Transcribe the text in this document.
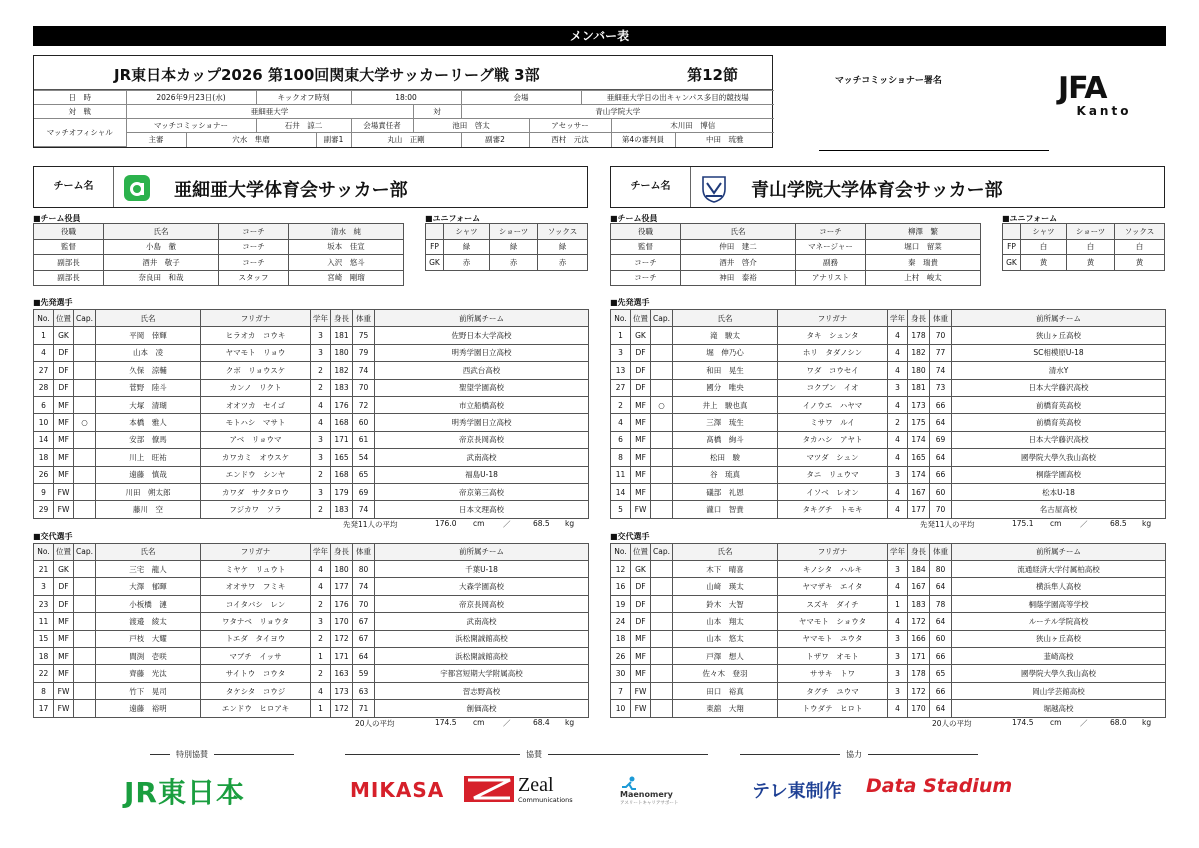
メンバー表
JR東日本カップ2026 第100回関東大学サッカーリーグ戦 3部	第12節
日　時	2026年9月23日(水)		キックオフ時刻		18:00		会場		亜細亜大学日の出キャンパス多目的競技場		
対　戦	亜細亜大学					対	青山学院大学				
マッチオフィシャル	マッチコミッショナー		石井　諒二		会場責任者	池田　啓太		アセッサー		木川田　博信	
	主審	穴水　隼磨		副審1	丸山　正剛		副審2	西村　元汰		第4の審判員	中田　琉雅
マッチコミッショナー署名	JFA
Kanto
チーム名	亜細亜大学体育会サッカー部
■チーム役員	■ユニフォーム
役職	氏名	コーチ	清水　純
監督	小島　徹	コーチ	坂本　佳宣
副部長	酒井　敬子	コーチ	入沢　悠斗
副部長	奈良田　和哉	スタッフ	宮崎　剛瑠
	シャツ	ショーツ	ソックス
FP	緑	緑	緑
GK	赤	赤	赤
■先発選手
No.	位置	Cap.	氏名	フリガナ	学年	身長	体重	前所属チーム
1	GK		平岡　倖輝	ヒラオカ　コウキ	3	181	75	佐野日本大学高校
4	DF		山本　凌	ヤマモト　リョウ	3	180	79	明秀学園日立高校
27	DF		久保　涼輔	クボ　リョウスケ	2	182	74	西武台高校
28	DF		菅野　陸斗	カンノ　リクト	2	183	70	聖望学園高校
6	MF		大塚　清瑚	オオツカ　セイゴ	4	176	72	市立船橋高校
10	MF	○	本橋　雅人	モトハシ　マサト	4	168	60	明秀学園日立高校
14	MF		安部　僚馬	アベ　リョウマ	3	171	61	帝京長岡高校
18	MF		川上　旺祐	カワカミ　オウスケ	3	165	54	武南高校
26	MF		遠藤　慎哉	エンドウ　シンヤ	2	168	65	福島U-18
9	FW		川田　朔太郎	カワダ　サクタロウ	3	179	69	帝京第三高校
29	FW		藤川　空	フジカワ　ソラ	2	183	74	日本文理高校
先発11人の平均	176.0 cm ／	68.5 kg
■交代選手
No.	位置	Cap.	氏名	フリガナ	学年	身長	体重	前所属チーム
21	GK		三宅　龍人	ミヤケ　リュウト	4	180	80	千葉U-18
3	DF		大澤　郁暉	オオサワ　フミキ	4	177	74	大森学園高校
23	DF		小板橋　漣	コイタバシ　レン	2	176	70	帝京長岡高校
11	MF		渡邉　綾太	ワタナベ　リョウタ	3	170	67	武南高校
15	MF		戸枝　大耀	トエダ　タイヨウ	2	172	67	浜松開誠館高校
18	MF		間渕　壱咲	マブチ　イッサ	1	171	64	浜松開誠館高校
22	MF		齊藤　光汰	サイトウ　コウタ	2	163	59	宇都宮短期大学附属高校
8	FW		竹下　晃司	タケシタ　コウジ	4	173	63	習志野高校
17	FW		遠藤　裕明	エンドウ　ヒロアキ	1	172	71	創価高校
20人の平均	174.5 cm ／	68.4 kg
チーム名	青山学院大学体育会サッカー部
■チーム役員	■ユニフォーム
役職	氏名	コーチ	柳澤　繁
監督	仲田　建二	マネージャー	堀口　留菜
コーチ	酒井　啓介	副務	秦　瑞貴
コーチ	神田　泰裕	アナリスト	上村　峻太
	シャツ	ショーツ	ソックス
FP	白	白	白
GK	黄	黄	黄
■先発選手
No.	位置	Cap.	氏名	フリガナ	学年	身長	体重	前所属チーム
1	GK		滝　駿太	タキ　シュンタ	4	178	70	狭山ヶ丘高校
3	DF		堀　伸乃心	ホリ　タダノシン	4	182	77	SC相模原U-18
13	DF		和田　晃生	ワダ　コウセイ	4	180	74	清水Y
27	DF		國分　唯央	コクブン　イオ	3	181	73	日本大学藤沢高校
2	MF	○	井上　駿也真	イノウエ　ハヤマ	4	173	66	前橋育英高校
4	MF		三澤　琉生	ミサワ　ルイ	2	175	64	前橋育英高校
6	MF		髙橋　絢斗	タカハシ　アヤト	4	174	69	日本大学藤沢高校
8	MF		松田　駿	マツダ　シュン	4	165	64	國學院大學久我山高校
11	MF		谷　琉真	タニ　リュウマ	3	174	66	桐蔭学園高校
14	MF		礒部　礼恩	イソベ　レオン	4	167	60	松本U-18
5	FW		瀧口　智貴	タキグチ　トモキ	4	177	70	名古屋高校
先発11人の平均	175.1 cm ／	68.5 kg
■交代選手
No.	位置	Cap.	氏名	フリガナ	学年	身長	体重	前所属チーム
12	GK		木下　晴喜	キノシタ　ハルキ	3	184	80	流通経済大学付属柏高校
16	DF		山﨑　瑛太	ヤマザキ　エイタ	4	167	64	横浜隼人高校
19	DF		鈴木　大智	スズキ　ダイチ	1	183	78	桐蔭学園高等学校
24	DF		山本　翔太	ヤマモト　ショウタ	4	172	64	ルーテル学院高校
18	MF		山本　悠太	ヤマモト　ユウタ	3	166	60	狭山ヶ丘高校
26	MF		戸澤　想人	トザワ　オモト	3	171	66	韮崎高校
30	MF		佐々木　登羽	ササキ　トワ	3	178	65	國學院大學久我山高校
7	FW		田口　裕真	タグチ　ユウマ	3	172	66	岡山学芸館高校
10	FW		東舘　大翔	トウダテ　ヒロト	4	170	64	堀越高校
20人の平均	174.5 cm ／	68.0 kg
特別協賛	協賛	協力
JR東日本	MIKASA	Zeal
Communications
Maenomery
アスリートキャリアサポート
テレ東制作 Data Stadium
